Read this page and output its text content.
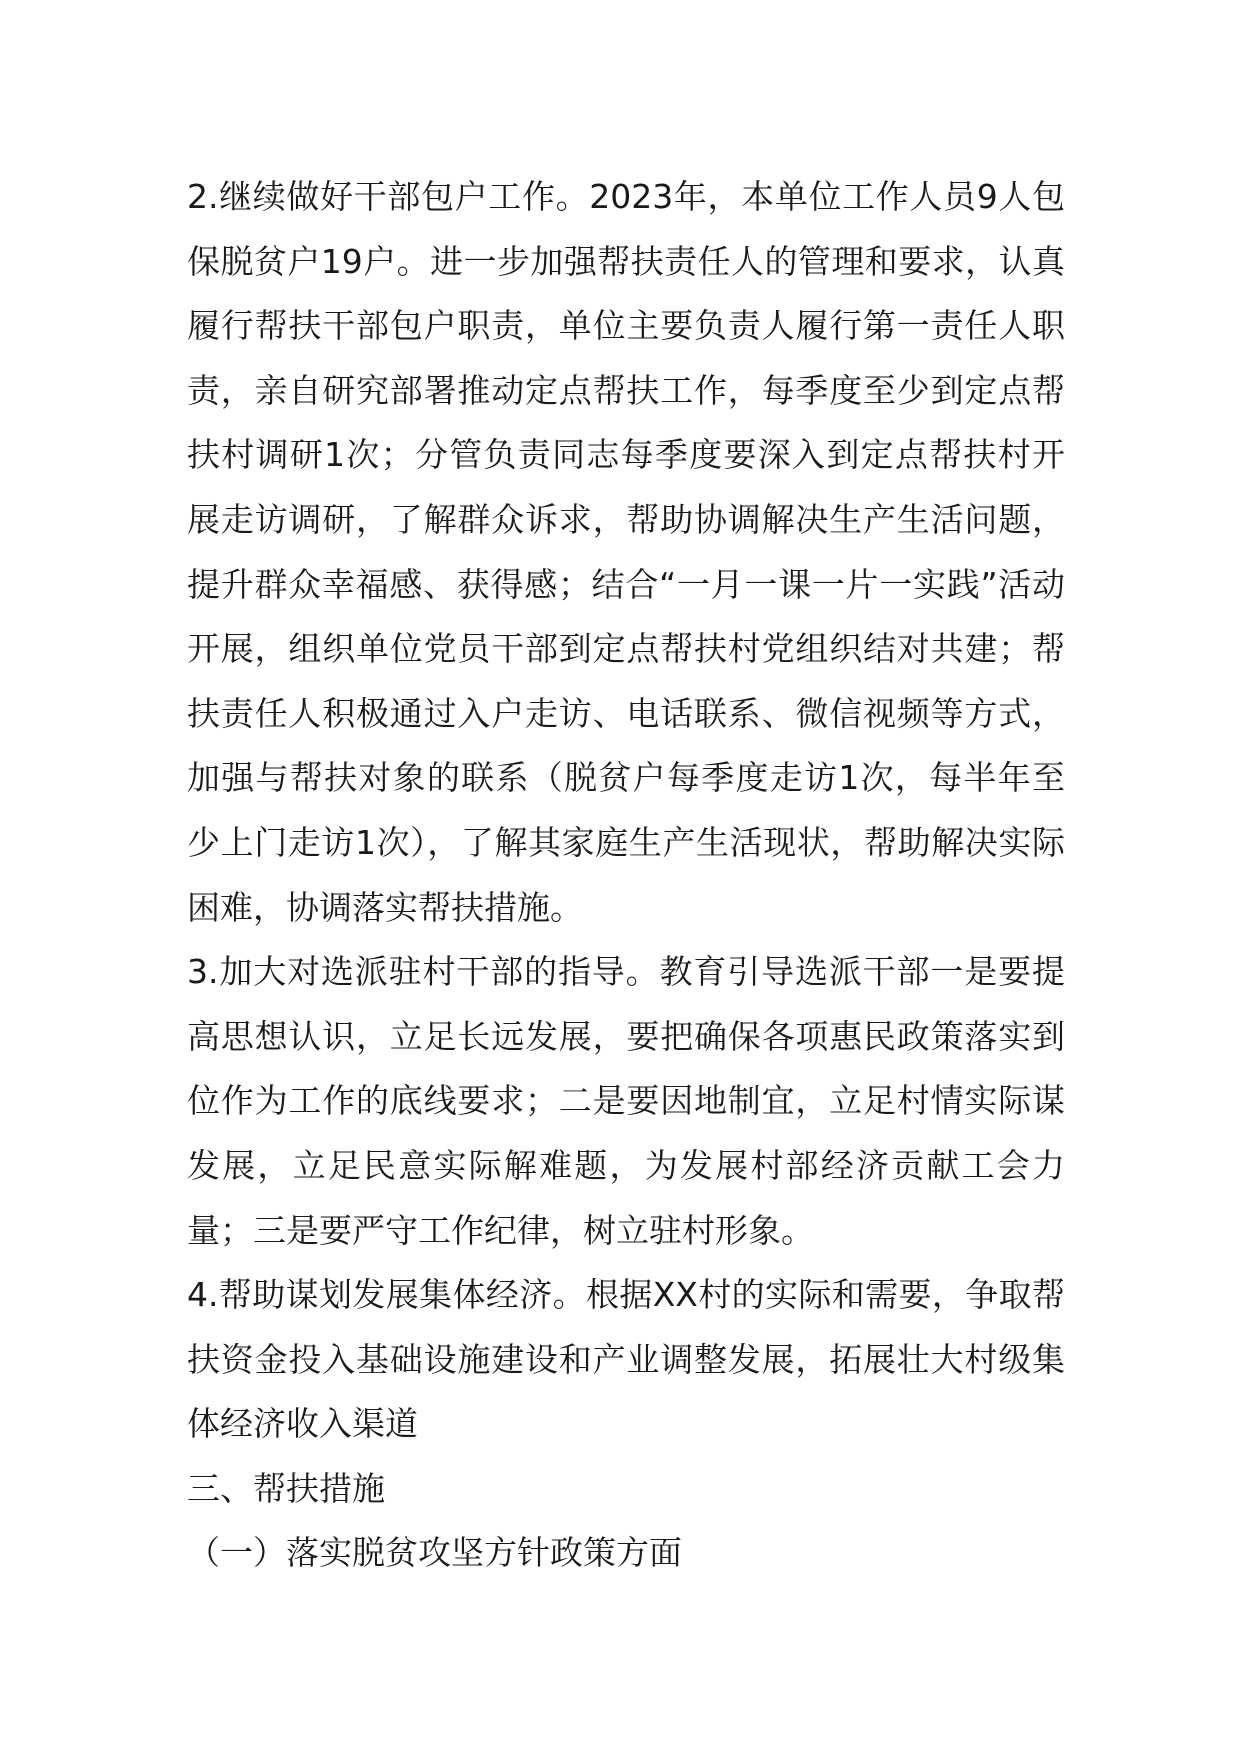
2.继续做好干部包户工作。2023年，本单位工作人员9人包保脱贫户19户。进一步加强帮扶责任人的管理和要求，认真履行帮扶干部包户职责，单位主要负责人履行第一责任人职责，亲自研究部署推动定点帮扶工作，每季度至少到定点帮扶村调研1次；分管负责同志每季度要深入到定点帮扶村开展走访调研，了解群众诉求，帮助协调解决生产生活问题，提升群众幸福感、获得感；结合“一月一课一片一实践”活动开展，组织单位党员干部到定点帮扶村党组织结对共建；帮扶责任人积极通过入户走访、电话联系、微信视频等方式，加强与帮扶对象的联系（脱贫户每季度走访1次，每半年至少上门走访1次），了解其家庭生产生活现状，帮助解决实际困难，协调落实帮扶措施。

3.加大对选派驻村干部的指导。教育引导选派干部一是要提高思想认识，立足长远发展，要把确保各项惠民政策落实到位作为工作的底线要求；二是要因地制宜，立足村情实际谋发展，立足民意实际解难题，为发展村部经济贡献工会力量；三是要严守工作纪律，树立驻村形象。

4.帮助谋划发展集体经济。根据XX村的实际和需要，争取帮扶资金投入基础设施建设和产业调整发展，拓展壮大村级集体经济收入渠道

三、帮扶措施

（一）落实脱贫攻坚方针政策方面
